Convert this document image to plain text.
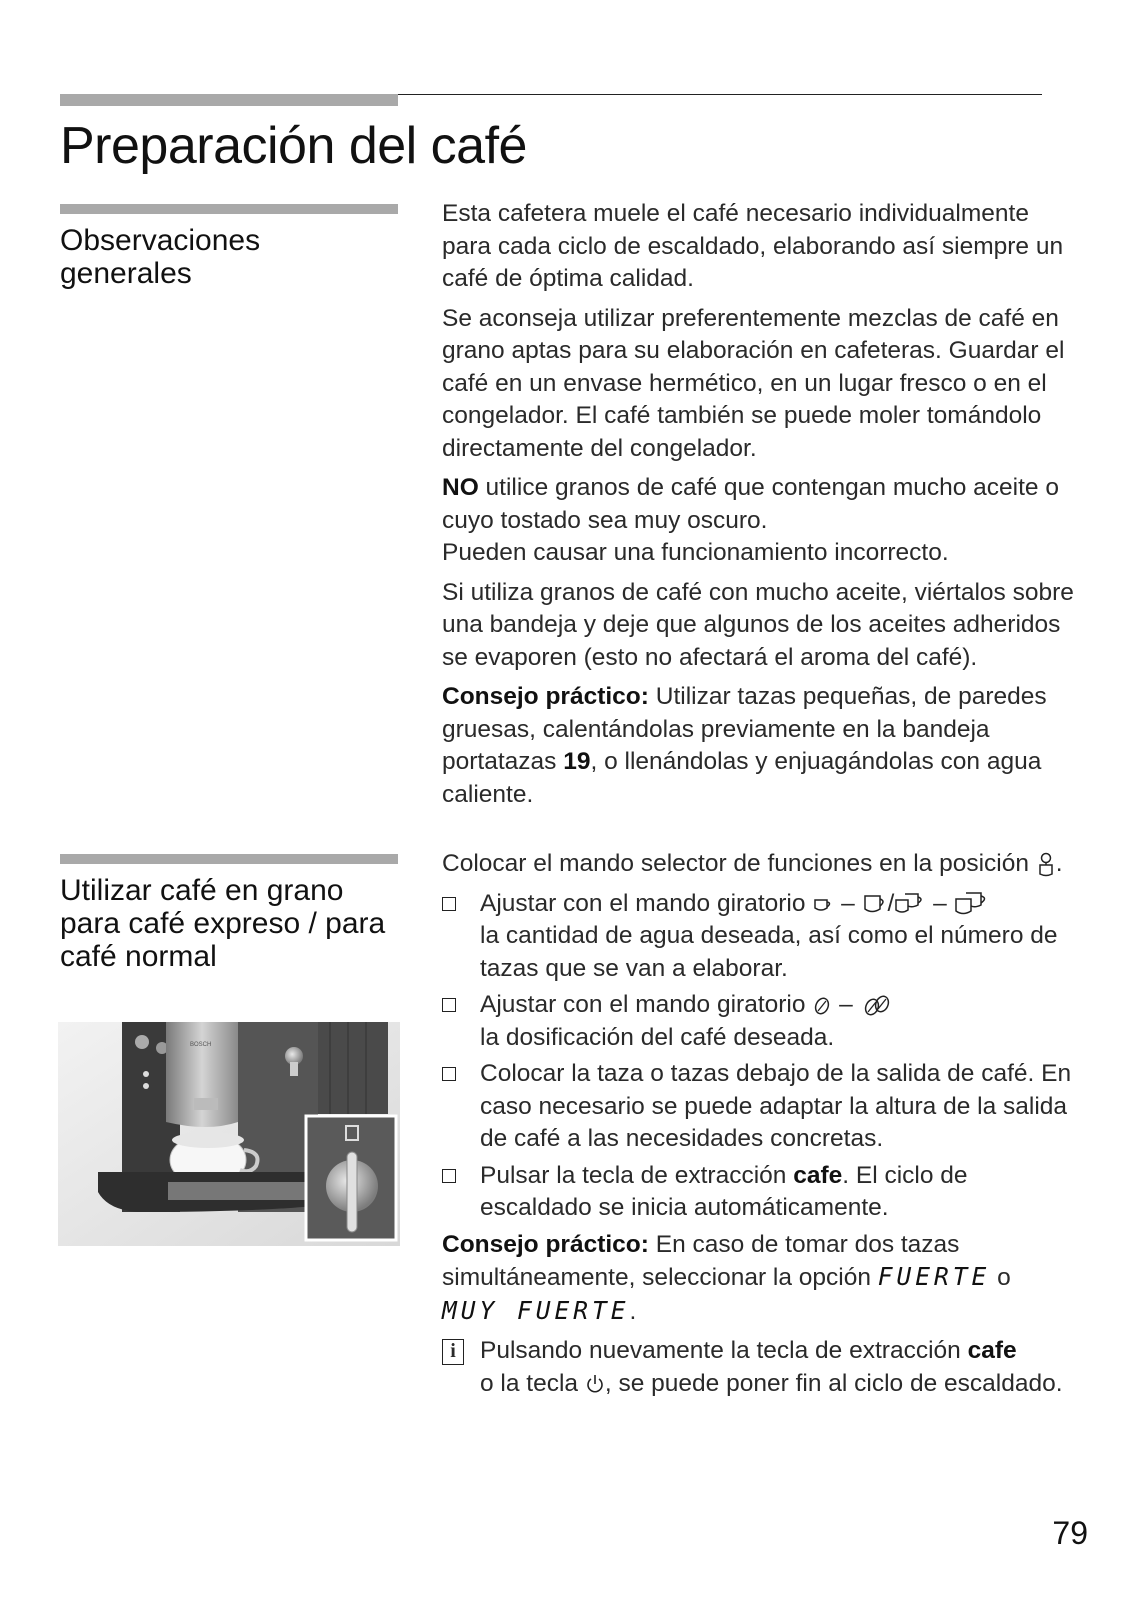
Preparación del café
Observaciones generales

Esta cafetera muele el café necesario individualmente para cada ciclo de escaldado, elaborando así siempre un café de óptima calidad.

Se aconseja utilizar preferentemente mezclas de café en grano aptas para su elaboración en cafeteras. Guardar el café en un envase hermético, en un lugar fresco o en el congelador. El café también se puede moler tomándolo directamente del congelador.

NO utilice granos de café que contengan mucho aceite o cuyo tostado sea muy oscuro.

Pueden causar una funcionamiento incorrecto.

Si utiliza granos de café con mucho aceite, viértalos sobre una bandeja y deje que algunos de los aceites adheridos se evaporen (esto no afectará el aroma del café).

Consejo práctico: Utilizar tazas pequeñas, de paredes gruesas, calentándolas previamente en la bandeja portatazas 19, o llenándolas y enjuagándolas con agua caliente.

Utilizar café en grano para café expreso / para café normal
BOSCH

Colocar el mando selector de funciones en la posición .

Ajustar con el mando giratorio  – / –
la cantidad de agua deseada, así como el número de tazas que se van a elaborar.
Ajustar con el mando giratorio  –
la dosificación del café deseada.
Colocar la taza o tazas debajo de la salida de café. En caso necesario se puede adaptar la altura de la salida de café a las necesidades concretas.
Pulsar la tecla de extracción cafe. El ciclo de escaldado se inicia automáticamente.

Consejo práctico: En caso de tomar dos tazas simultáneamente, seleccionar la opción FUERTE o
MUY FUERTE.

i Pulsando nuevamente la tecla de extracción cafe
o la tecla , se puede poner fin al ciclo de escaldado.
79
